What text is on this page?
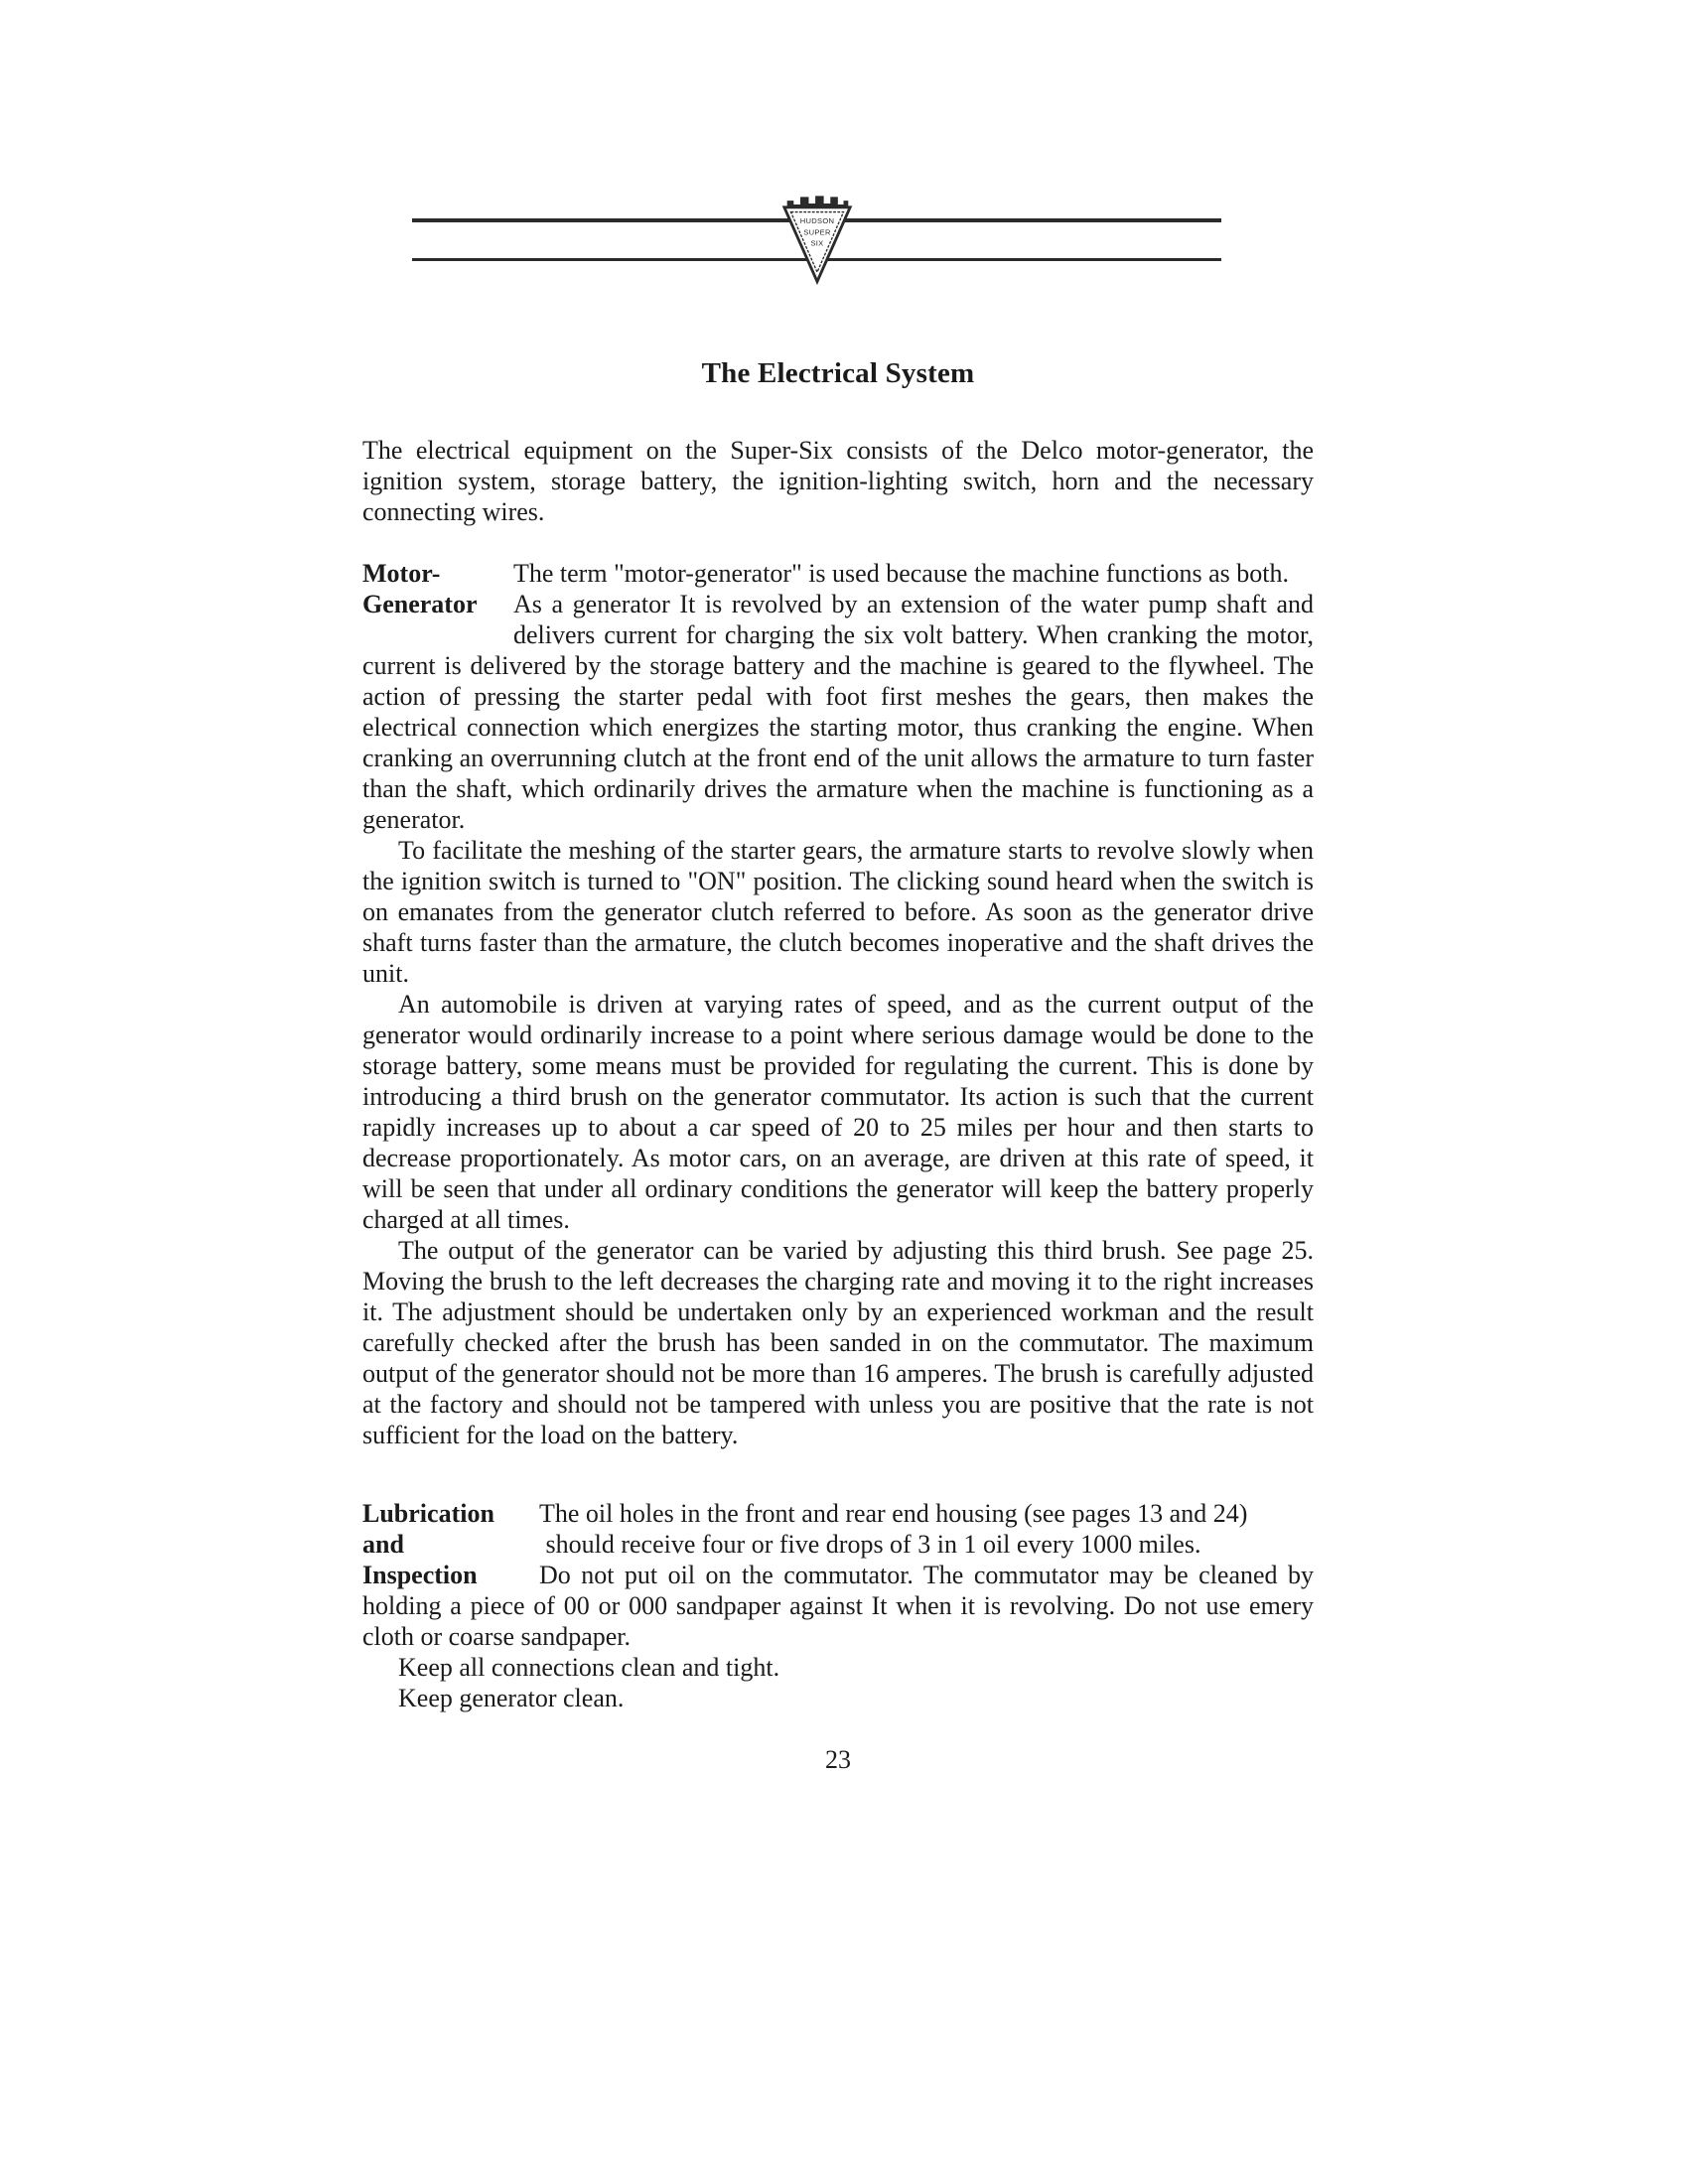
HUDSON
SUPER
SIX
The Electrical System

The electrical equipment on the Super-Six consists of the Delco motor-generator, the ignition system, storage battery, the ignition-lighting switch, horn and the necessary connecting wires.

Motor-
Generator
The term "motor-generator" is used because the machine functions as both.

As a generator It is revolved by an extension of the water pump shaft and delivers current for charging the six volt battery. When cranking the motor, current is delivered by the storage battery and the machine is geared to the flywheel. The action of pressing the starter pedal with foot first meshes the gears, then makes the electrical connection which energizes the starting motor, thus cranking the engine. When cranking an overrunning clutch at the front end of the unit allows the armature to turn faster than the shaft, which ordinarily drives the armature when the machine is functioning as a generator.

To facilitate the meshing of the starter gears, the armature starts to revolve slowly when the ignition switch is turned to "ON" position. The clicking sound heard when the switch is on emanates from the generator clutch referred to before. As soon as the generator drive shaft turns faster than the armature, the clutch becomes inoperative and the shaft drives the unit.

An automobile is driven at varying rates of speed, and as the current output of the generator would ordinarily increase to a point where serious damage would be done to the storage battery, some means must be provided for regulating the current. This is done by introducing a third brush on the generator commutator. Its action is such that the current rapidly increases up to about a car speed of 20 to 25 miles per hour and then starts to decrease proportionately. As motor cars, on an average, are driven at this rate of speed, it will be seen that under all ordinary conditions the generator will keep the battery properly charged at all times.

The output of the generator can be varied by adjusting this third brush. See page 25. Moving the brush to the left decreases the charging rate and moving it to the right increases it. The adjustment should be undertaken only by an experienced workman and the result carefully checked after the brush has been sanded in on the commutator. The maximum output of the generator should not be more than 16 amperes. The brush is carefully adjusted at the factory and should not be tampered with unless you are positive that the rate is not sufficient for the load on the battery.

Lubrication
and
Inspection
The oil holes in the front and rear end housing (see pages 13 and 24)
should receive four or five drops of 3 in 1 oil every 1000 miles.

Do not put oil on the commutator. The commutator may be cleaned by holding a piece of 00 or 000 sandpaper against It when it is revolving. Do not use emery cloth or coarse sandpaper.

Keep all connections clean and tight.

Keep generator clean.

23
